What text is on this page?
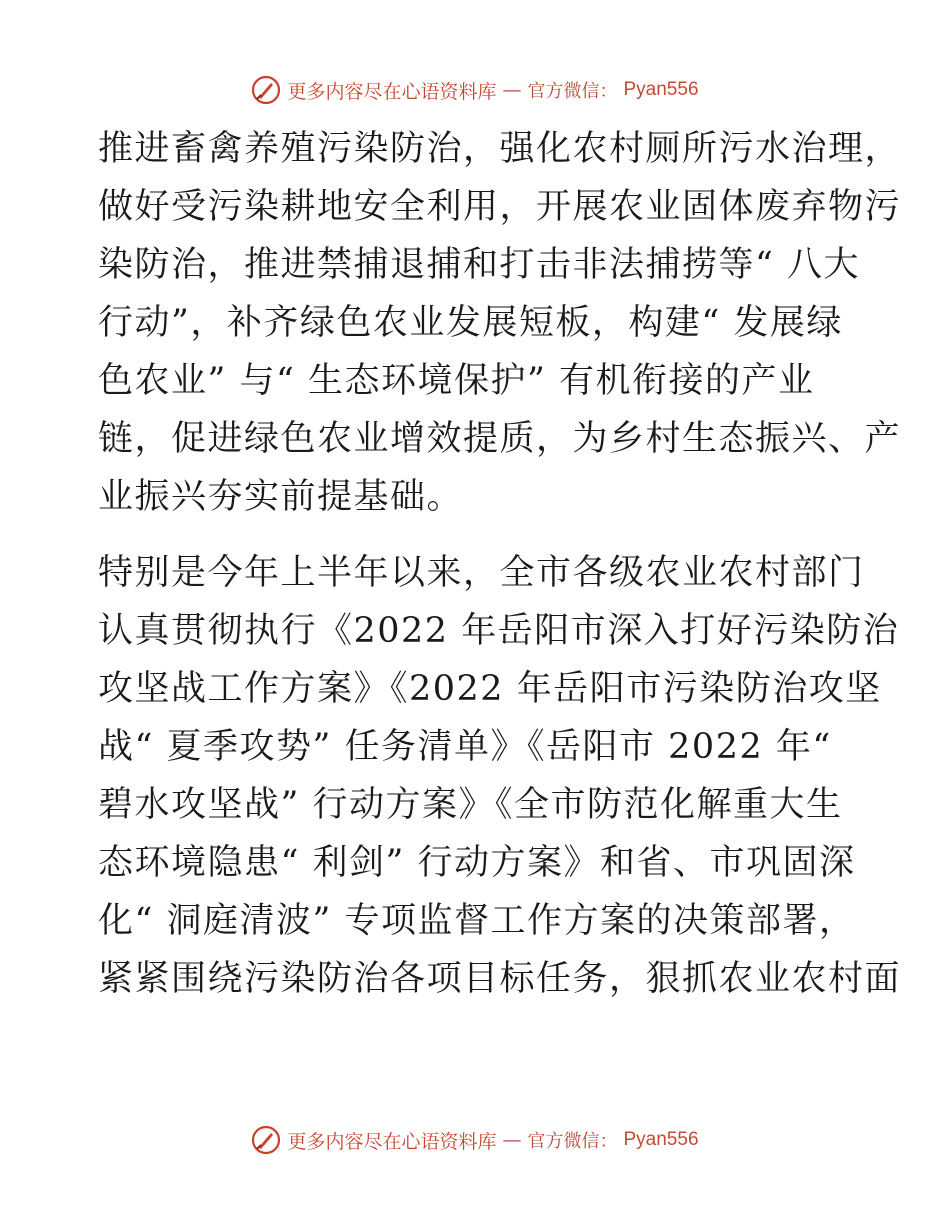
更多内容尽在心语资料库 — 官方微信： Pyan556
推进畜禽养殖污染防治，强化农村厕所污水治理，
做好受污染耕地安全利用，开展农业固体废弃物污
染防治，推进禁捕退捕和打击非法捕捞等“ 八大
行动”，补齐绿色农业发展短板，构建“ 发展绿
色农业” 与“ 生态环境保护” 有机衔接的产业
链，促进绿色农业增效提质，为乡村生态振兴、产
业振兴夯实前提基础。
特别是今年上半年以来，全市各级农业农村部门
认真贯彻执行《2022 年岳阳市深入打好污染防治
攻坚战工作方案》《2022 年岳阳市污染防治攻坚
战“ 夏季攻势” 任务清单》《岳阳市 2022 年“
碧水攻坚战” 行动方案》《全市防范化解重大生
态环境隐患“ 利剑” 行动方案》和省、市巩固深
化“ 洞庭清波” 专项监督工作方案的决策部署，
紧紧围绕污染防治各项目标任务，狠抓农业农村面
更多内容尽在心语资料库 — 官方微信： Pyan556
